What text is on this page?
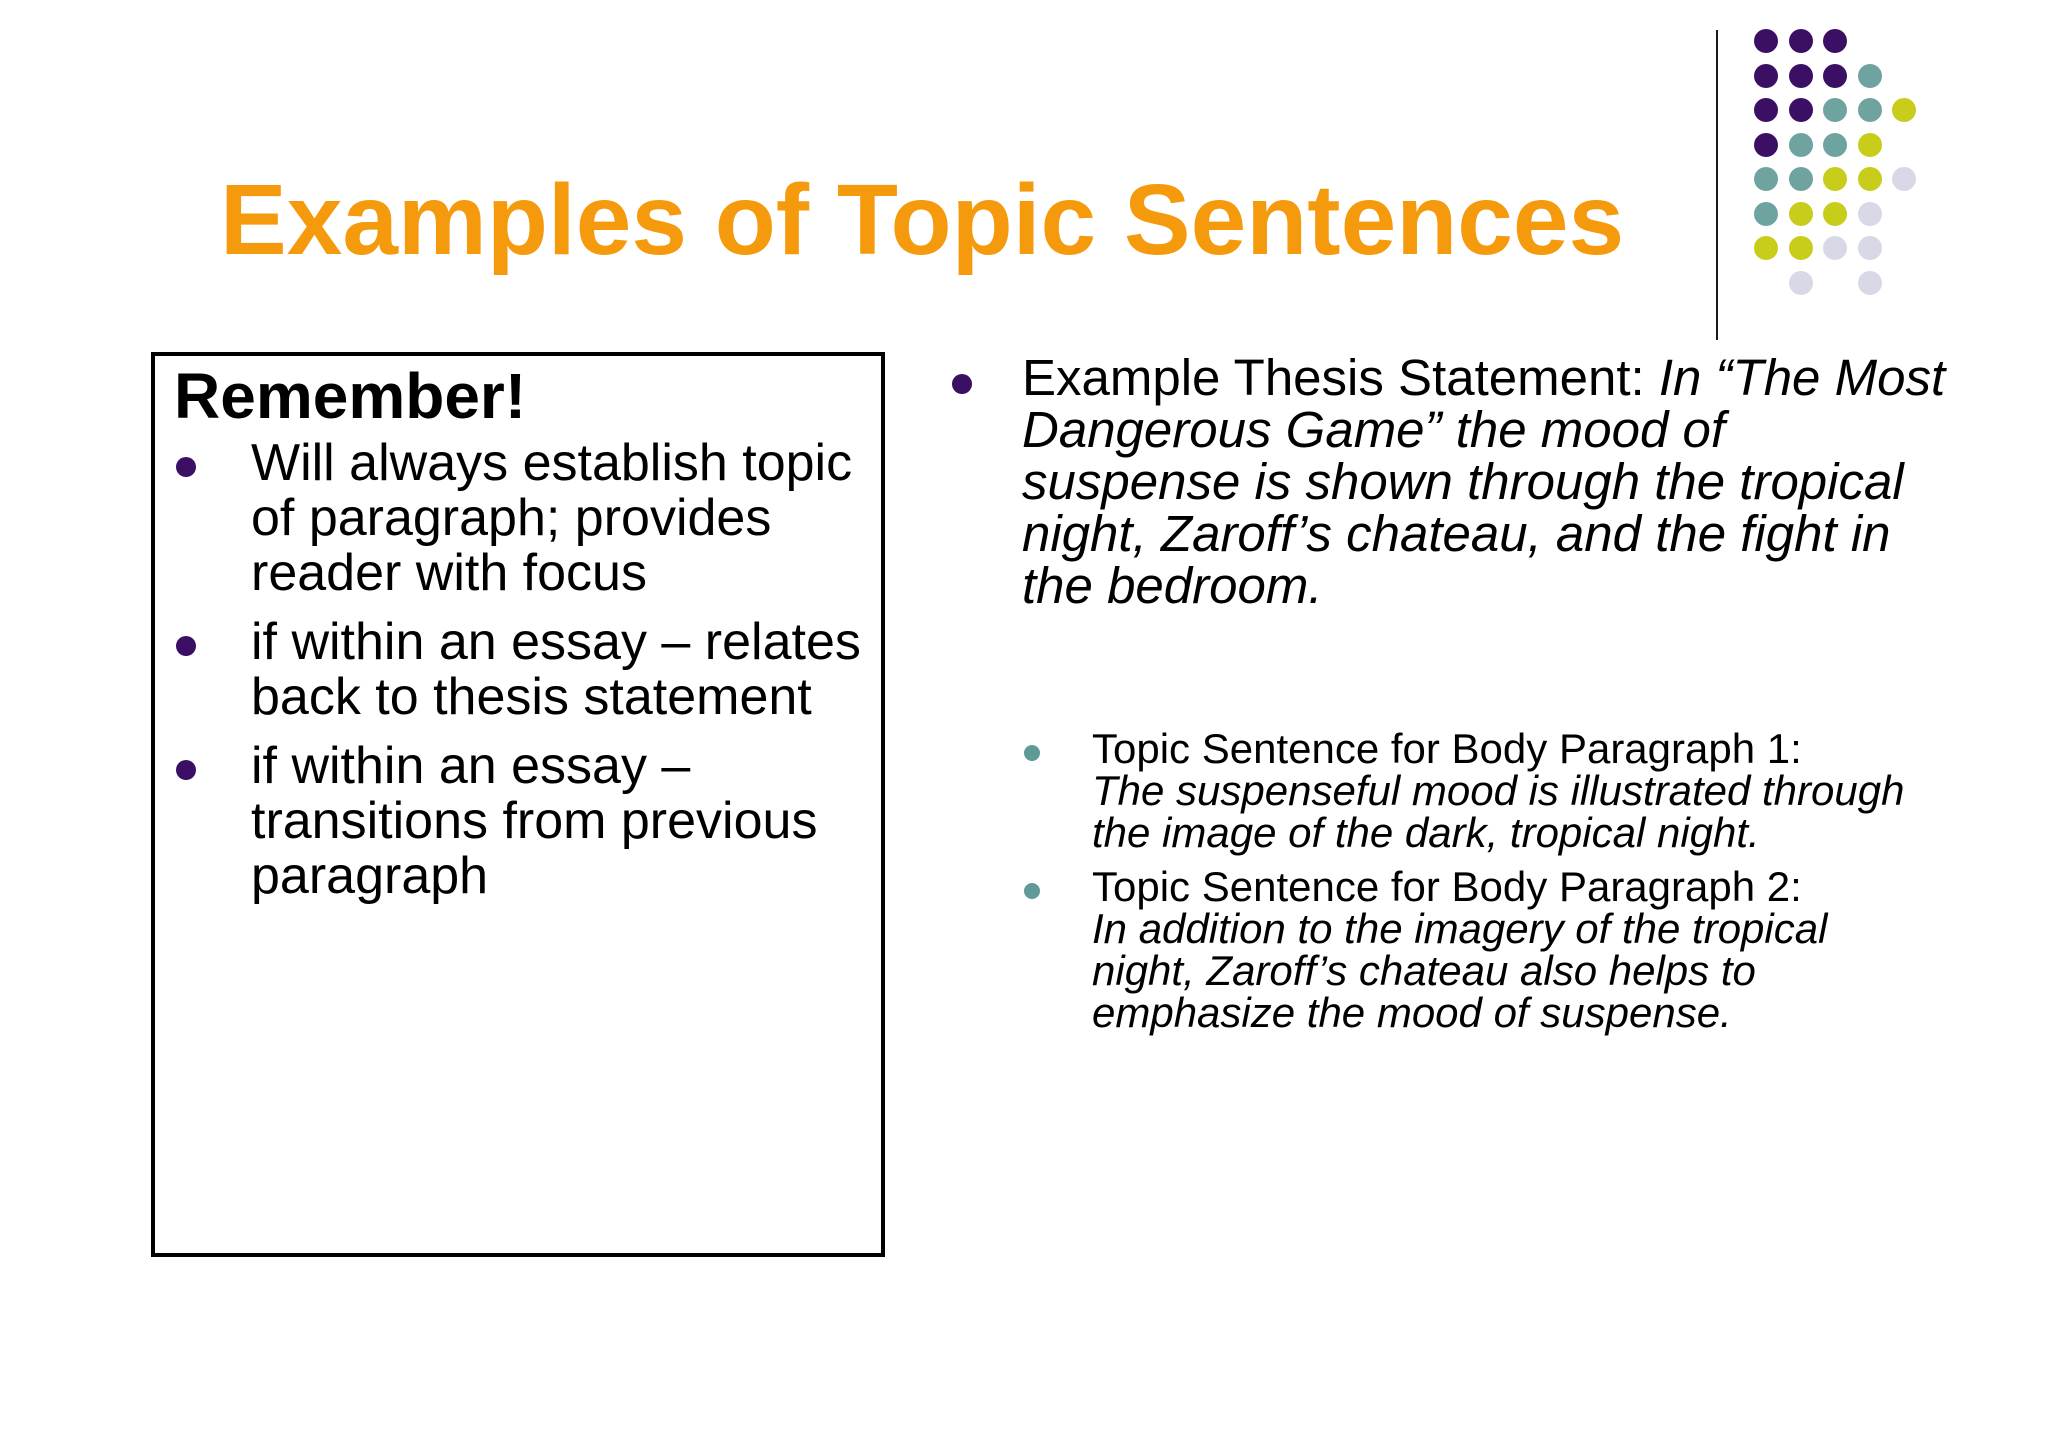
Examples of Topic Sentences
Remember!
Will always establish topic of paragraph; provides reader with focus
if within an essay – relates back to thesis statement
if within an essay – transitions from previous paragraph
Example Thesis Statement: In “The Most Dangerous Game” the mood of suspense is shown through the tropical night, Zaroff’s chateau, and the fight in the bedroom.
Topic Sentence for Body Paragraph 1:
The suspenseful mood is illustrated through the image of the dark, tropical night.
Topic Sentence for Body Paragraph 2:
In addition to the imagery of the tropical night, Zaroff’s chateau also helps to emphasize the mood of suspense.
